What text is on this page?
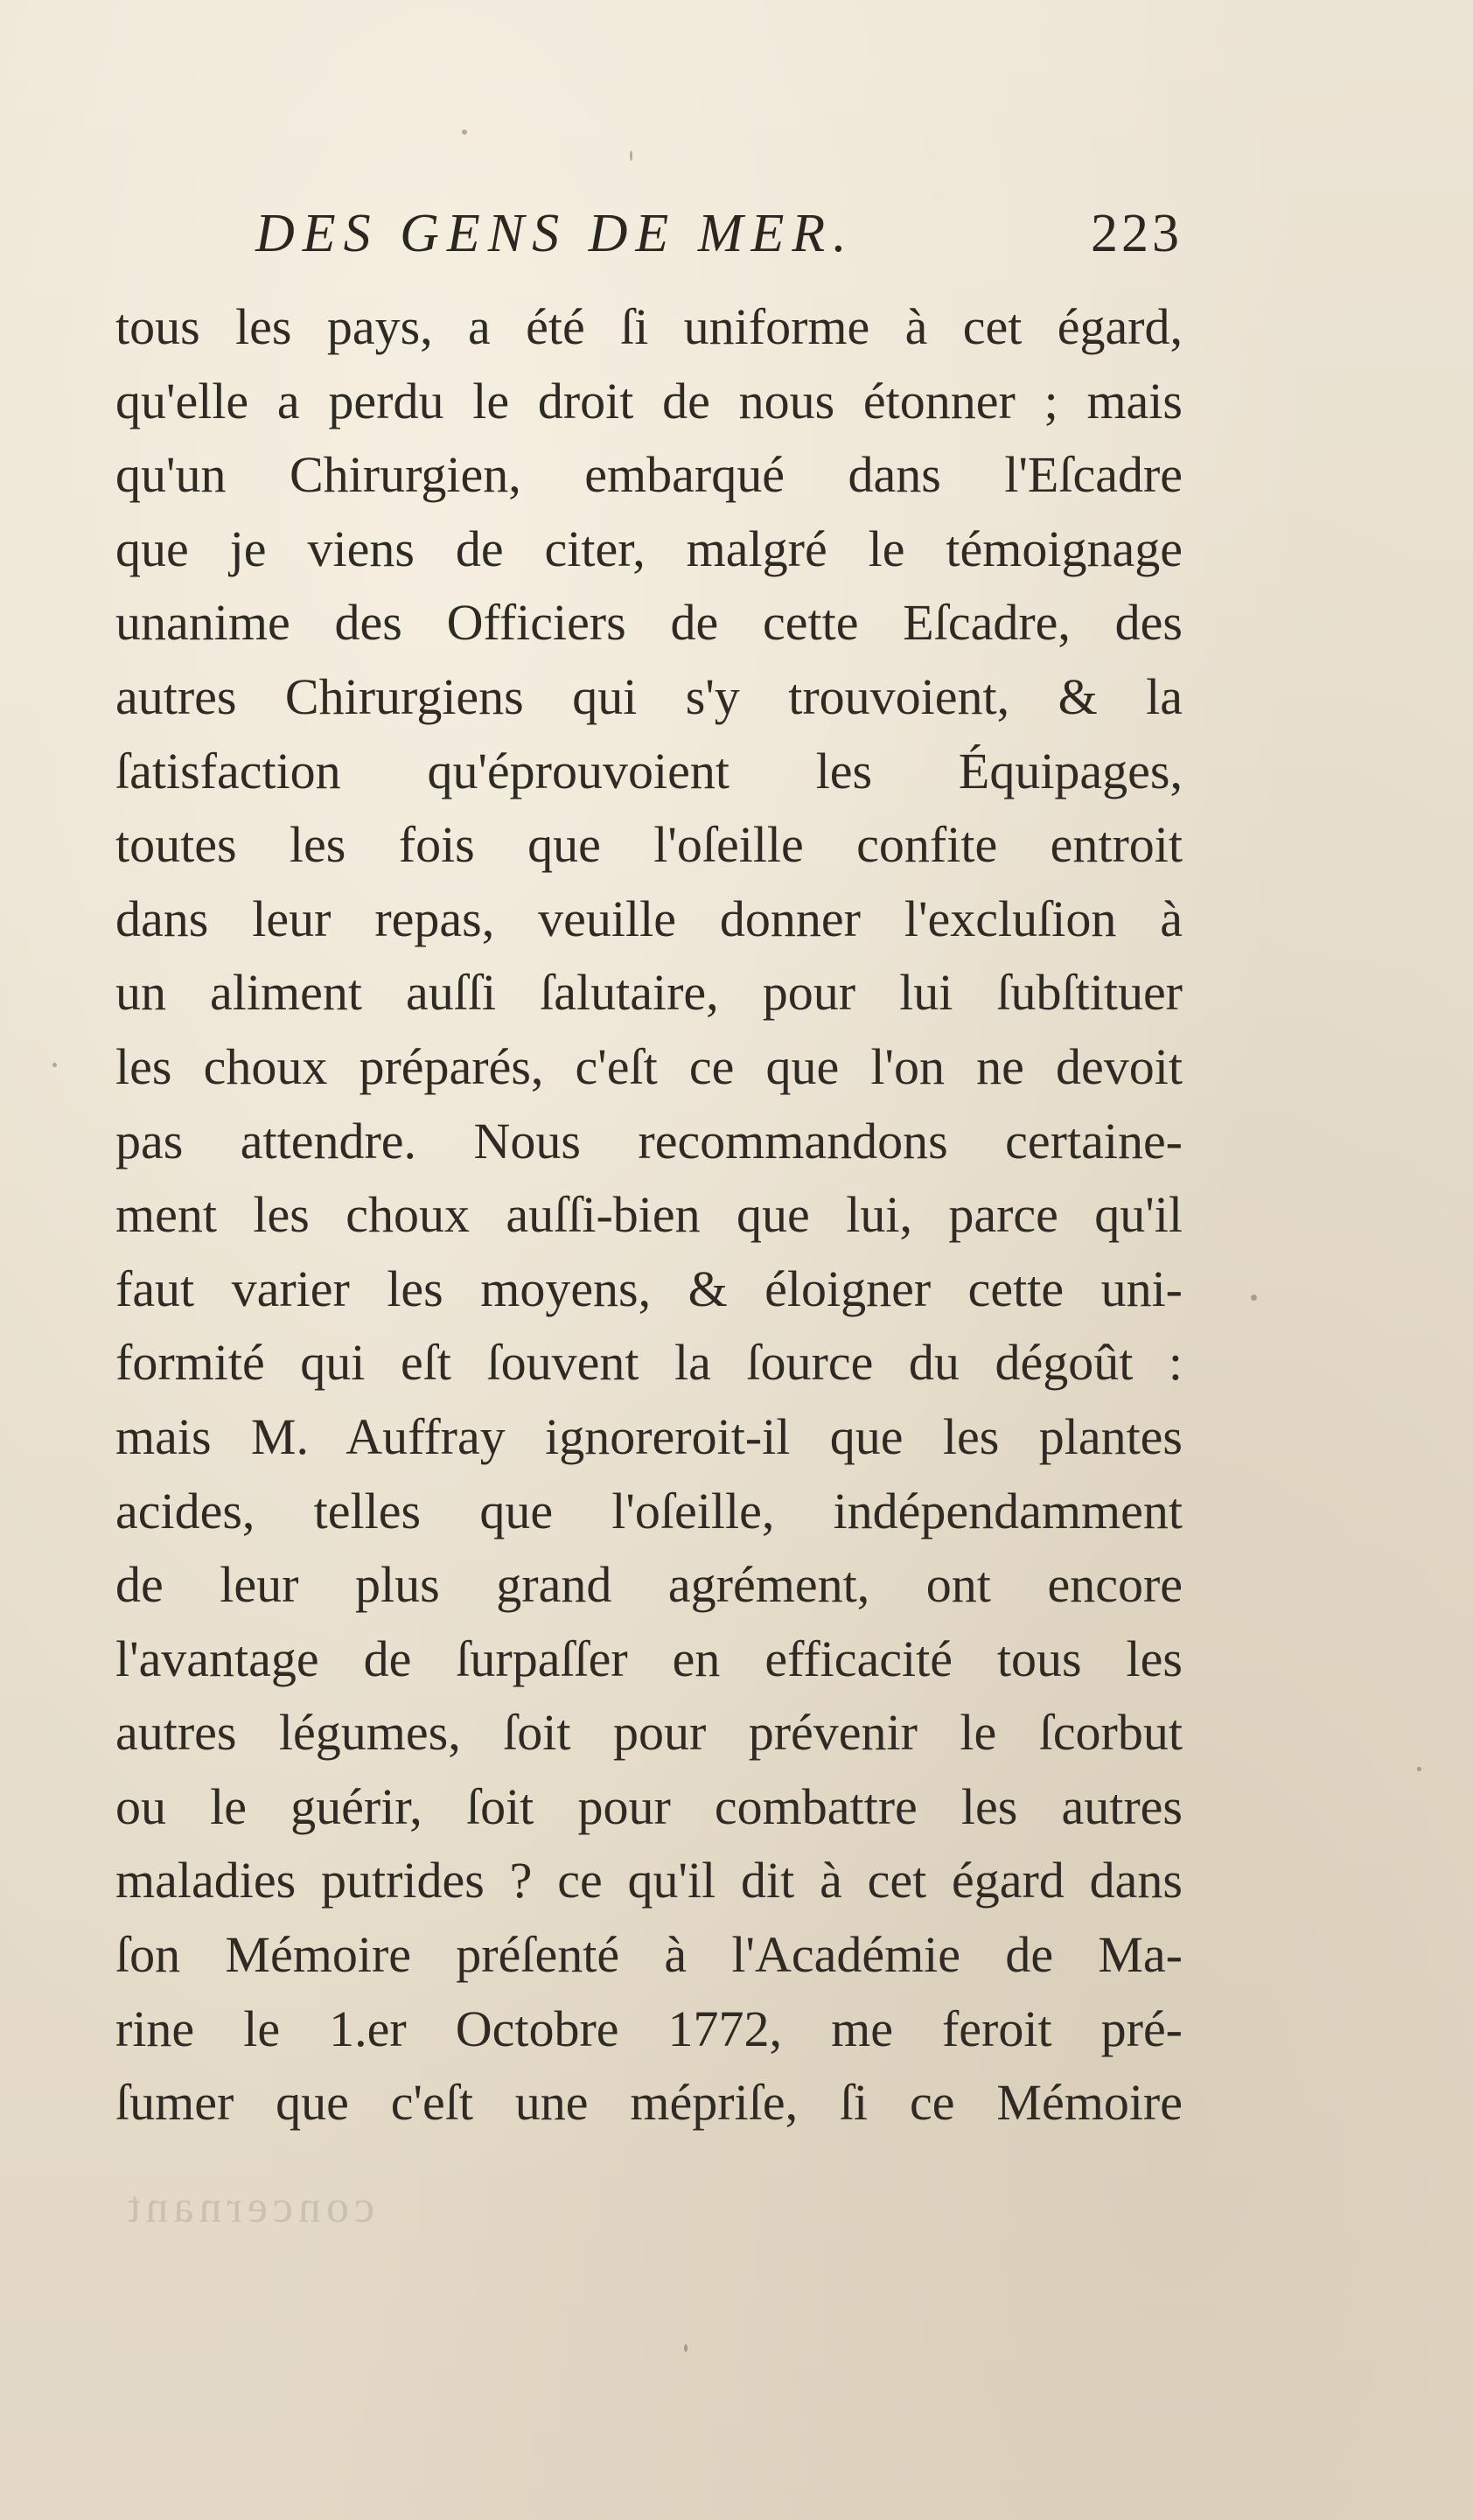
DES GENS DE MER.	223
tous les pays, a été ſi uniforme à cet égard,
qu'elle a perdu le droit de nous étonner ; mais
qu'un Chirurgien, embarqué dans l'Eſcadre
que je viens de citer, malgré le témoignage
unanime des Officiers de cette Eſcadre, des
autres Chirurgiens qui s'y trouvoient, & la
ſatisfaction qu'éprouvoient les Équipages,
toutes les fois que l'oſeille confite entroit
dans leur repas, veuille donner l'excluſion à
un aliment auſſi ſalutaire, pour lui ſubſtituer
les choux préparés, c'eſt ce que l'on ne devoit
pas attendre. Nous recommandons certaine-
ment les choux auſſi-bien que lui, parce qu'il
faut varier les moyens, & éloigner cette uni-
formité qui eſt ſouvent la ſource du dégoût :
mais M. Auffray ignoreroit-il que les plantes
acides, telles que l'oſeille, indépendamment
de leur plus grand agrément, ont encore
l'avantage de ſurpaſſer en efficacité tous les
autres légumes, ſoit pour prévenir le ſcorbut
ou le guérir, ſoit pour combattre les autres
maladies putrides ? ce qu'il dit à cet égard dans
ſon Mémoire préſenté à l'Académie de Ma-
rine le 1.er Octobre 1772, me feroit pré-
ſumer que c'eſt une mépriſe, ſi ce Mémoire
concernant
